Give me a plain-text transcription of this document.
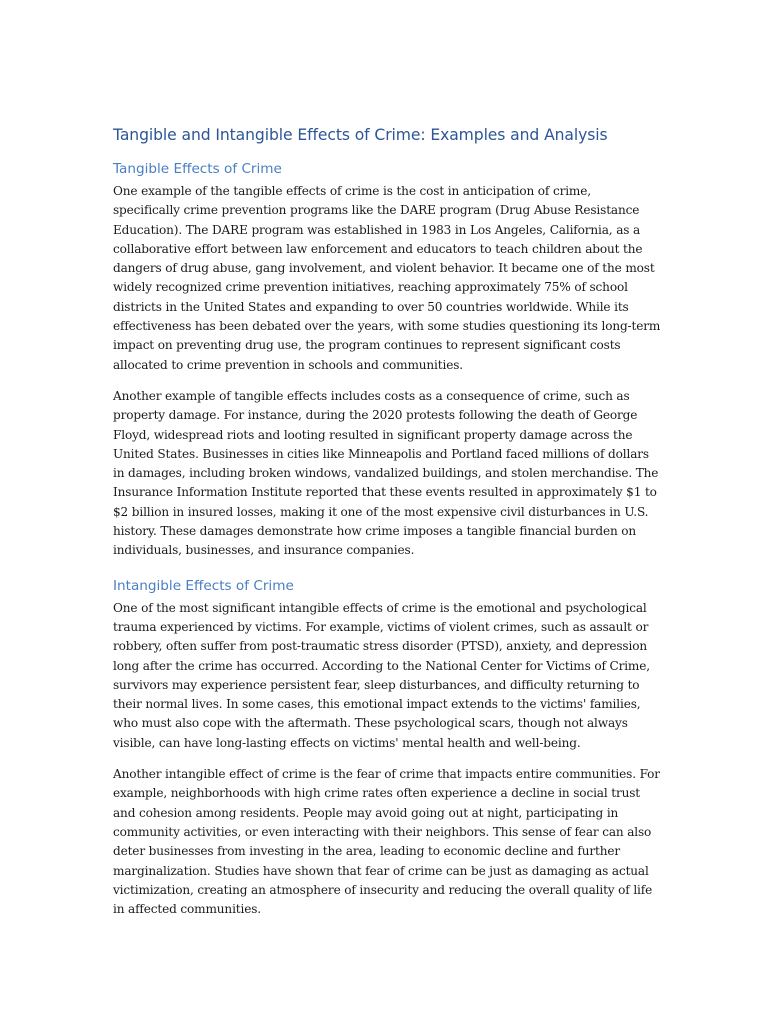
Tangible and Intangible Effects of Crime: Examples and Analysis
Tangible Effects of Crime

One example of the tangible effects of crime is the cost in anticipation of crime, specifically crime prevention programs like the DARE program (Drug Abuse Resistance Education). The DARE program was established in 1983 in Los Angeles, California, as a collaborative effort between law enforcement and educators to teach children about the dangers of drug abuse, gang involvement, and violent behavior. It became one of the most widely recognized crime prevention initiatives, reaching approximately 75% of school districts in the United States and expanding to over 50 countries worldwide. While its effectiveness has been debated over the years, with some studies questioning its long-term impact on preventing drug use, the program continues to represent significant costs allocated to crime prevention in schools and communities.

Another example of tangible effects includes costs as a consequence of crime, such as property damage. For instance, during the 2020 protests following the death of George Floyd, widespread riots and looting resulted in significant property damage across the United States. Businesses in cities like Minneapolis and Portland faced millions of dollars in damages, including broken windows, vandalized buildings, and stolen merchandise. The Insurance Information Institute reported that these events resulted in approximately $1 to $2 billion in insured losses, making it one of the most expensive civil disturbances in U.S. history. These damages demonstrate how crime imposes a tangible financial burden on individuals, businesses, and insurance companies.

Intangible Effects of Crime

One of the most significant intangible effects of crime is the emotional and psychological trauma experienced by victims. For example, victims of violent crimes, such as assault or robbery, often suffer from post-traumatic stress disorder (PTSD), anxiety, and depression long after the crime has occurred. According to the National Center for Victims of Crime, survivors may experience persistent fear, sleep disturbances, and difficulty returning to their normal lives. In some cases, this emotional impact extends to the victims' families, who must also cope with the aftermath. These psychological scars, though not always visible, can have long-lasting effects on victims' mental health and well-being.

Another intangible effect of crime is the fear of crime that impacts entire communities. For example, neighborhoods with high crime rates often experience a decline in social trust and cohesion among residents. People may avoid going out at night, participating in community activities, or even interacting with their neighbors. This sense of fear can also deter businesses from investing in the area, leading to economic decline and further marginalization. Studies have shown that fear of crime can be just as damaging as actual victimization, creating an atmosphere of insecurity and reducing the overall quality of life in affected communities.
